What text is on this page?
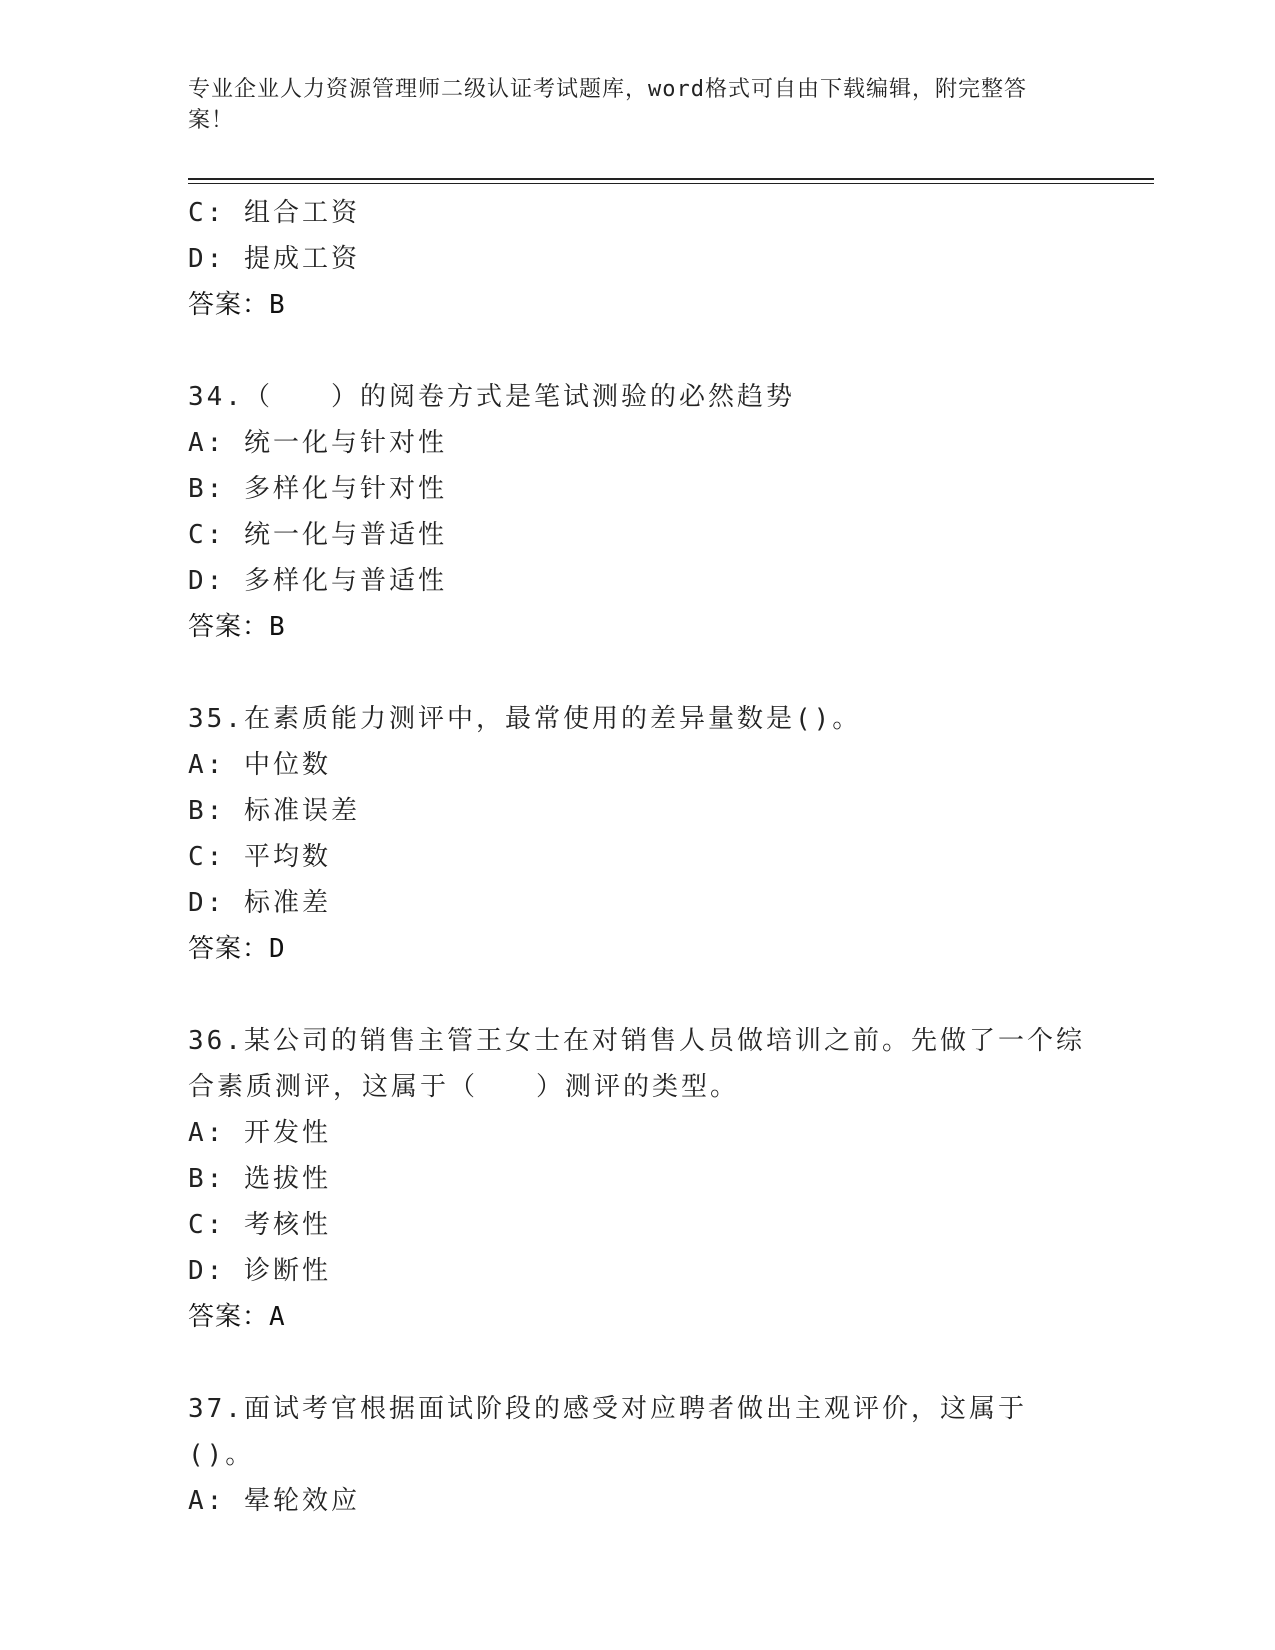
专业企业人力资源管理师二级认证考试题库，word格式可自由下载编辑，附完整答案！
C: 组合工资
D: 提成工资
答案：B
34.（　　）的阅卷方式是笔试测验的必然趋势
A: 统一化与针对性
B: 多样化与针对性
C: 统一化与普适性
D: 多样化与普适性
答案：B
35.在素质能力测评中，最常使用的差异量数是()。
A: 中位数
B: 标准误差
C: 平均数
D: 标准差
答案：D
36.某公司的销售主管王女士在对销售人员做培训之前。先做了一个综合素质测评，这属于（　　）测评的类型。
A: 开发性
B: 选拔性
C: 考核性
D: 诊断性
答案：A
37.面试考官根据面试阶段的感受对应聘者做出主观评价，这属于()。
A: 晕轮效应
